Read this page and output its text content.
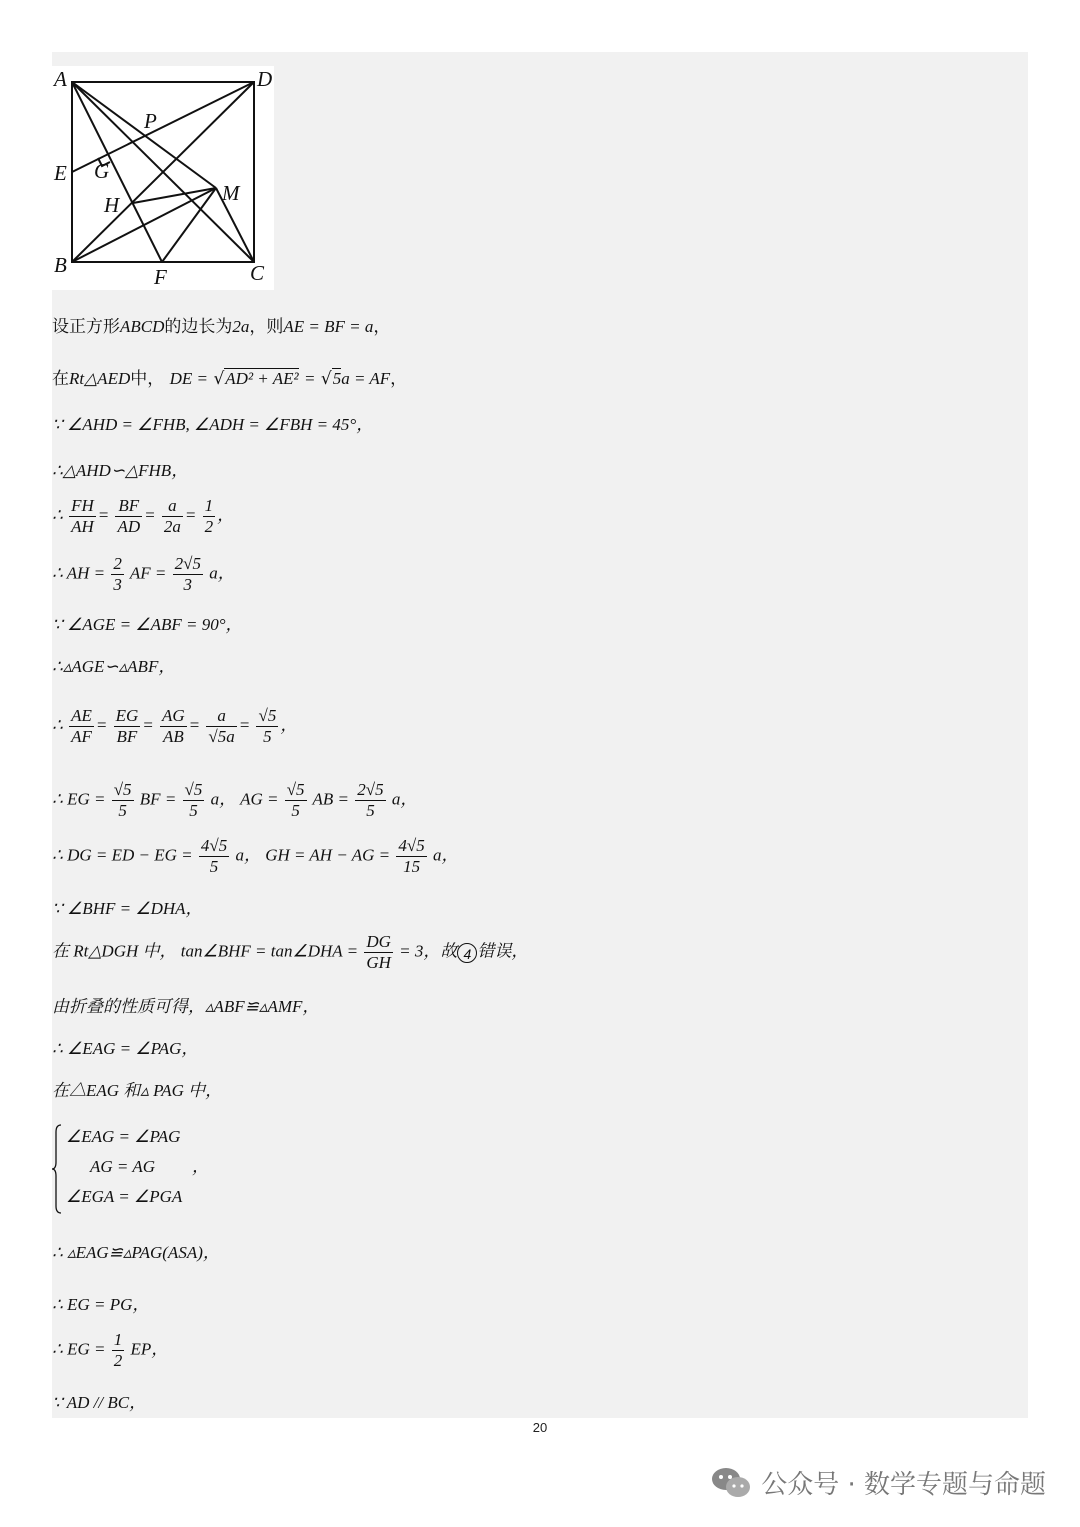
A	D
P
E G
H	M
B	F	C
设正方形ABCD的边长为2a，则AE = BF = a，
在Rt△AED中， DE = √AD² + AE² = √5a = AF，
∵ ∠AHD = ∠FHB, ∠ADH = ∠FBH = 45°，
∴△AHD∽△FHB，
∴ $\frac{FH}{AH} = \frac{BF}{AD} = \frac{a}{2a} = \frac{1}{2}$ ，
∴ AH = $\frac{2}{3}$ AF = $\frac{2√5}{3}$ a，
∵ ∠AGE = ∠ABF = 90°，
∴▵AGE∽▵ABF，
∴ $\frac{AE}{AF} = \frac{EG}{BF} = \frac{AG}{AB} = \frac{a}{√5a} = \frac{√5}{5}$ ，
∴ EG = $\frac{√5}{5}$ BF = $\frac{√5}{5}$ a， AG = $\frac{√5}{5}$ AB = $\frac{2√5}{5}$ a，
∴ DG = ED − EG = $\frac{4√5}{5}$ a， GH = AH − AG = $\frac{4√5}{15}$ a，
∵ ∠BHF = ∠DHA，
在 Rt△DGH 中， tan∠BHF = tan∠DHA = $\frac{DG}{GH} = 3$，故 4 错误，
由折叠的性质可得，▵ABF≌▵AMF，
∴ ∠EAG = ∠PAG，
在△EAG 和▵ PAG 中，
∠EAG = ∠PAG
AG = AG ，
∠EGA = ∠PGA
∴ ▵EAG≌▵PAG(ASA)，
∴ EG = PG，
∴ EG = $\frac{1}{2}$ EP，
∵ AD // BC，
20
公众号 · 数学专题与命题
